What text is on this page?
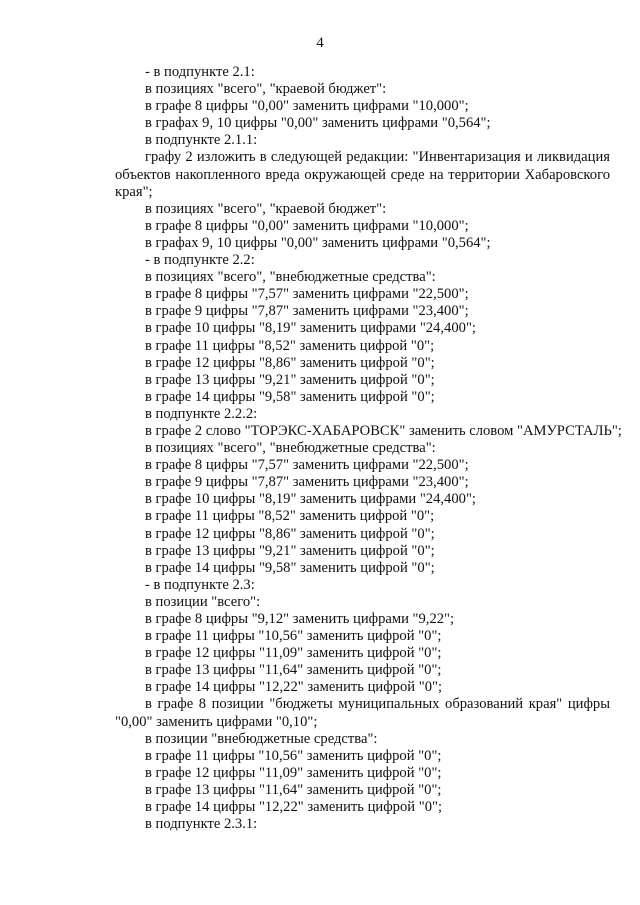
4
- в подпункте 2.1:
в позициях "всего", "краевой бюджет":
в графе 8 цифры "0,00" заменить цифрами "10,000";
в графах 9, 10 цифры "0,00" заменить цифрами "0,564";
в подпункте 2.1.1:
графу 2 изложить в следующей редакции: "Инвентаризация и ликвидация объектов накопленного вреда окружающей среде на территории Хабаровского края";
в позициях "всего", "краевой бюджет":
в графе 8 цифры "0,00" заменить цифрами "10,000";
в графах 9, 10 цифры "0,00" заменить цифрами "0,564";
- в подпункте 2.2:
в позициях "всего", "внебюджетные средства":
в графе 8 цифры "7,57" заменить цифрами "22,500";
в графе 9 цифры "7,87" заменить цифрами "23,400";
в графе 10 цифры "8,19" заменить цифрами "24,400";
в графе 11 цифры "8,52" заменить цифрой "0";
в графе 12 цифры "8,86" заменить цифрой "0";
в графе 13 цифры "9,21" заменить цифрой "0";
в графе 14 цифры "9,58" заменить цифрой "0";
в подпункте 2.2.2:
в графе 2 слово "ТОРЭКС-ХАБАРОВСК" заменить словом "АМУРСТАЛЬ";
в позициях "всего", "внебюджетные средства":
в графе 8 цифры "7,57" заменить цифрами "22,500";
в графе 9 цифры "7,87" заменить цифрами "23,400";
в графе 10 цифры "8,19" заменить цифрами "24,400";
в графе 11 цифры "8,52" заменить цифрой "0";
в графе 12 цифры "8,86" заменить цифрой "0";
в графе 13 цифры "9,21" заменить цифрой "0";
в графе 14 цифры "9,58" заменить цифрой "0";
- в подпункте 2.3:
в позиции "всего":
в графе 8 цифры "9,12" заменить цифрами "9,22";
в графе 11 цифры "10,56" заменить цифрой "0";
в графе 12 цифры "11,09" заменить цифрой "0";
в графе 13 цифры "11,64" заменить цифрой "0";
в графе 14 цифры "12,22" заменить цифрой "0";
в графе 8 позиции "бюджеты муниципальных образований края" цифры "0,00" заменить цифрами "0,10";
в позиции "внебюджетные средства":
в графе 11 цифры "10,56" заменить цифрой "0";
в графе 12 цифры "11,09" заменить цифрой "0";
в графе 13 цифры "11,64" заменить цифрой "0";
в графе 14 цифры "12,22" заменить цифрой "0";
в подпункте 2.3.1:
